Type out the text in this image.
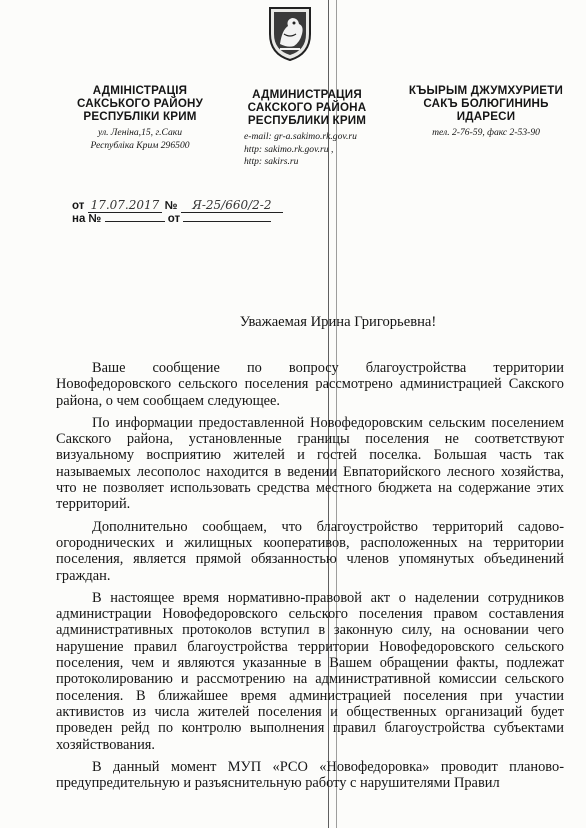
АДМІНІСТРАЦІЯ
САКСЬКОГО РАЙОНУ
РЕСПУБЛІКИ КРИМ
ул. Леніна,15, г.Саки
Республіка Крим 296500
АДМИНИСТРАЦИЯ
САКСКОГО РАЙОНА
РЕСПУБЛИКИ КРИМ
e-mail: gr-a.sakimo.rk.gov.ru
http: sakimo.rk.gov.ru ,
http: sakirs.ru
КЪЫРЫМ ДЖУМХУРИЕТИ
САКЪ БОЛЮГИНИНЬ
ИДАРЕСИ
тел. 2-76-59, факс 2-53-90
от 17.07.2017 № Я-25/660/2-2
на №	от
Уважаемая Ирина Григорьевна!

Ваше сообщение по вопросу благоустройства территории Новофедоровского сельского поселения рассмотрено администрацией Сакского района, о чем сообщаем следующее.

По информации предоставленной Новофедоровским сельским поселением Сакского района, установленные границы поселения не соответствуют визуальному восприятию жителей и гостей поселка. Большая часть так называемых лесополос находится в ведении Евпаторийского лесного хозяйства, что не позволяет использовать средства местного бюджета на содержание этих территорий.

Дополнительно сообщаем, что благоустройство территорий садово-огороднических и жилищных кооперативов, расположенных на территории поселения, является прямой обязанностью членов упомянутых объединений граждан.

В настоящее время нормативно-правовой акт о наделении сотрудников администрации Новофедоровского сельского поселения правом составления административных протоколов вступил в законную силу, на основании чего нарушение правил благоустройства территории Новофедоровского сельского поселения, чем и являются указанные в Вашем обращении факты, подлежат протоколированию и рассмотрению на административной комиссии сельского поселения. В ближайшее время администрацией поселения при участии активистов из числа жителей поселения и общественных организаций будет проведен рейд по контролю выполнения правил благоустройства субъектами хозяйствования.

В данный момент МУП «РСО «Новофедоровка» проводит планово-предупредительную и разъяснительную работу с нарушителями Правил
